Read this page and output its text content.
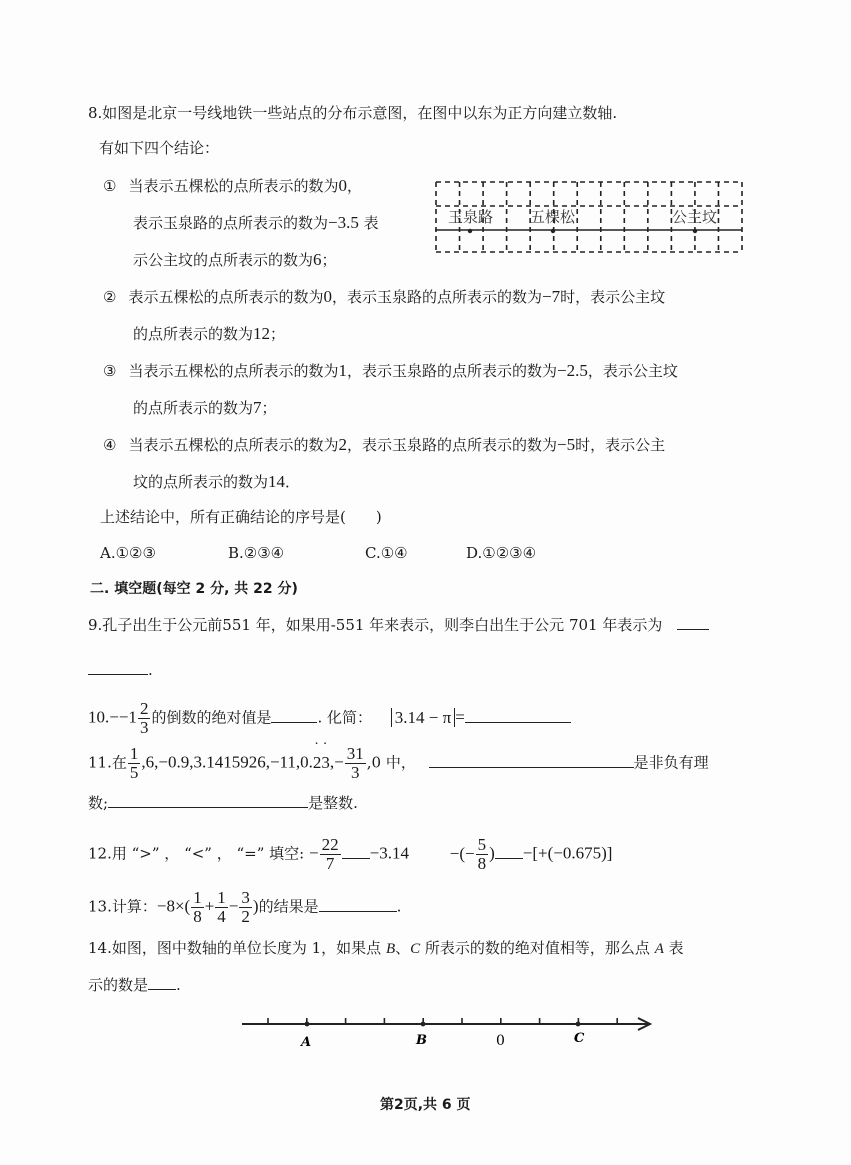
8.如图是北京一号线地铁一些站点的分布示意图，在图中以东为正方向建立数轴.
有如下四个结论：
① 当表示五棵松的点所表示的数为0，
表示玉泉路的点所表示的数为−3.5 表
示公主坟的点所表示的数为6；
玉泉路 五棵松	公主坟
② 表示五棵松的点所表示的数为0，表示玉泉路的点所表示的数为−7时，表示公主坟
的点所表示的数为12；
③ 当表示五棵松的点所表示的数为1，表示玉泉路的点所表示的数为−2.5，表示公主坟
的点所表示的数为7；
④ 当表示五棵松的点所表示的数为2，表示玉泉路的点所表示的数为−5时，表示公主
坟的点所表示的数为14．
上述结论中，所有正确结论的序号是(　　)
A.①②③	B.②③④	C.①④	D.①②③④
二. 填空题(每空 2 分, 共 22 分)
9.孔子出生于公元前551 年，如果用-551 年来表示，则李白出生于公元 701 年表示为
.
$10.--1 \frac{2}{3}$ 的倒数的绝对值是	. 化简： 3.14 − π =
11.在 $\frac{1}{5}$ ,6,−0.9,3.1415926,−11,0.˙ 2˙ $3,- \frac{31}{3} ,0$ 中，	是非负有理
数;	是整数.
12.用 “>” ， “<” ， “=” 填空: − $\frac{22}{7} -3.14$ −(− $\frac{5}{8}$ ) −[+(−0.675)]
13.计算：$-8\times( \frac{1}{8} + \frac{1}{4} - \frac{3}{2}$ )的结果是	.
14.如图，图中数轴的单位长度为 1，如果点 B、C 所表示的数的绝对值相等，那么点 A 表
示的数是 .
A	B	0	C
第2页,共 6 页
